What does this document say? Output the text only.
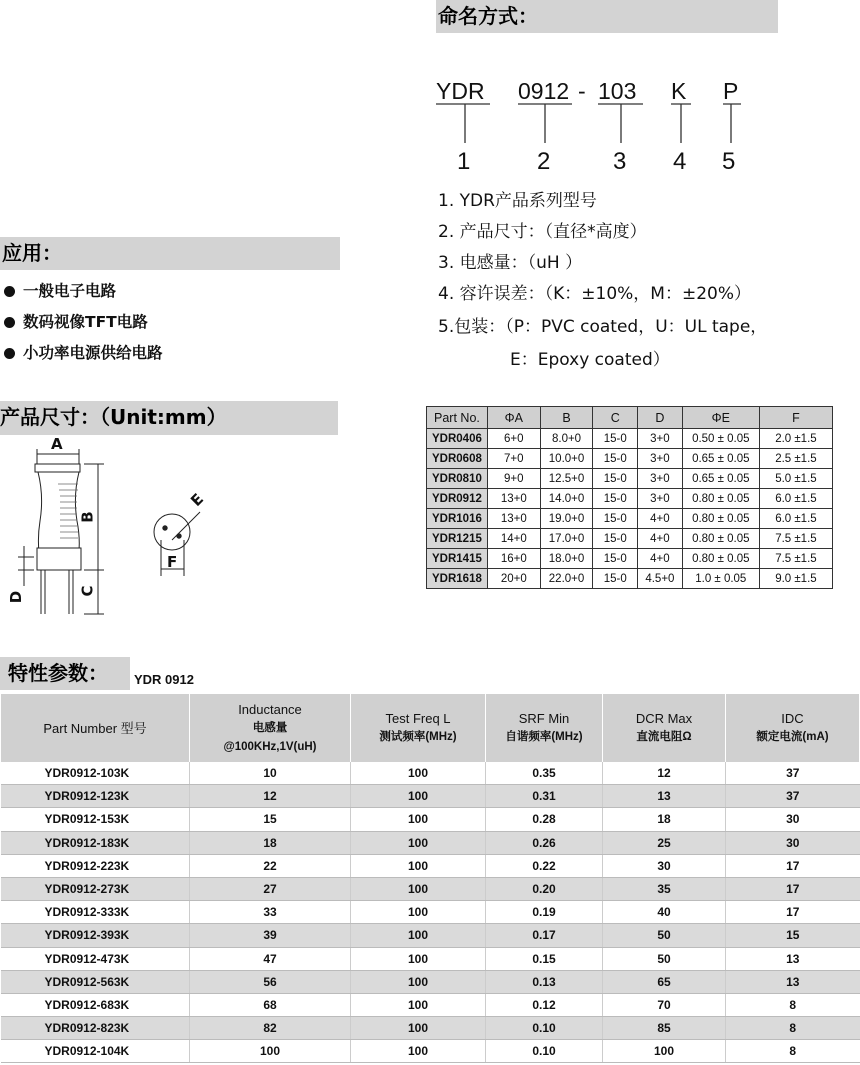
命名方式：
YDR 0912 - 103 K P
1	2	3 4 5
1. YDR产品系列型号
2. 产品尺寸：（直径*高度）
3. 电感量：（uH ）
4. 容许误差：（K：±10%，M：±20%）
5.包装：（P：PVC coated，U：UL tape，
E：Epoxy coated）
应用：
一般电子电路
数码视像TFT电路
小功率电源供给电路
产品尺寸：（Unit:mm）
A
B
C
D
E
F
Part No.	ΦA	B	C	D	ΦE	F
YDR0406	6+0	8.0+0	15-0	3+0	0.50 ± 0.05	2.0 ±1.5
YDR0608	7+0	10.0+0	15-0	3+0	0.65 ± 0.05	2.5 ±1.5
YDR0810	9+0	12.5+0	15-0	3+0	0.65 ± 0.05	5.0 ±1.5
YDR0912	13+0	14.0+0	15-0	3+0	0.80 ± 0.05	6.0 ±1.5
YDR1016	13+0	19.0+0	15-0	4+0	0.80 ± 0.05	6.0 ±1.5
YDR1215	14+0	17.0+0	15-0	4+0	0.80 ± 0.05	7.5 ±1.5
YDR1415	16+0	18.0+0	15-0	4+0	0.80 ± 0.05	7.5 ±1.5
YDR1618	20+0	22.0+0	15-0	4.5+0	1.0 ± 0.05	9.0 ±1.5
特性参数：	YDR 0912
Part Number 型号	Inductance
电感量
@100KHz,1V(uH)	Test Freq L
测试频率(MHz)	SRF Min
自谐频率(MHz)	DCR Max
直流电阻Ω	IDC
额定电流(mA)
YDR0912-103K	10	100	0.35	12	37
YDR0912-123K	12	100	0.31	13	37
YDR0912-153K	15	100	0.28	18	30
YDR0912-183K	18	100	0.26	25	30
YDR0912-223K	22	100	0.22	30	17
YDR0912-273K	27	100	0.20	35	17
YDR0912-333K	33	100	0.19	40	17
YDR0912-393K	39	100	0.17	50	15
YDR0912-473K	47	100	0.15	50	13
YDR0912-563K	56	100	0.13	65	13
YDR0912-683K	68	100	0.12	70	8
YDR0912-823K	82	100	0.10	85	8
YDR0912-104K	100	100	0.10	100	8
